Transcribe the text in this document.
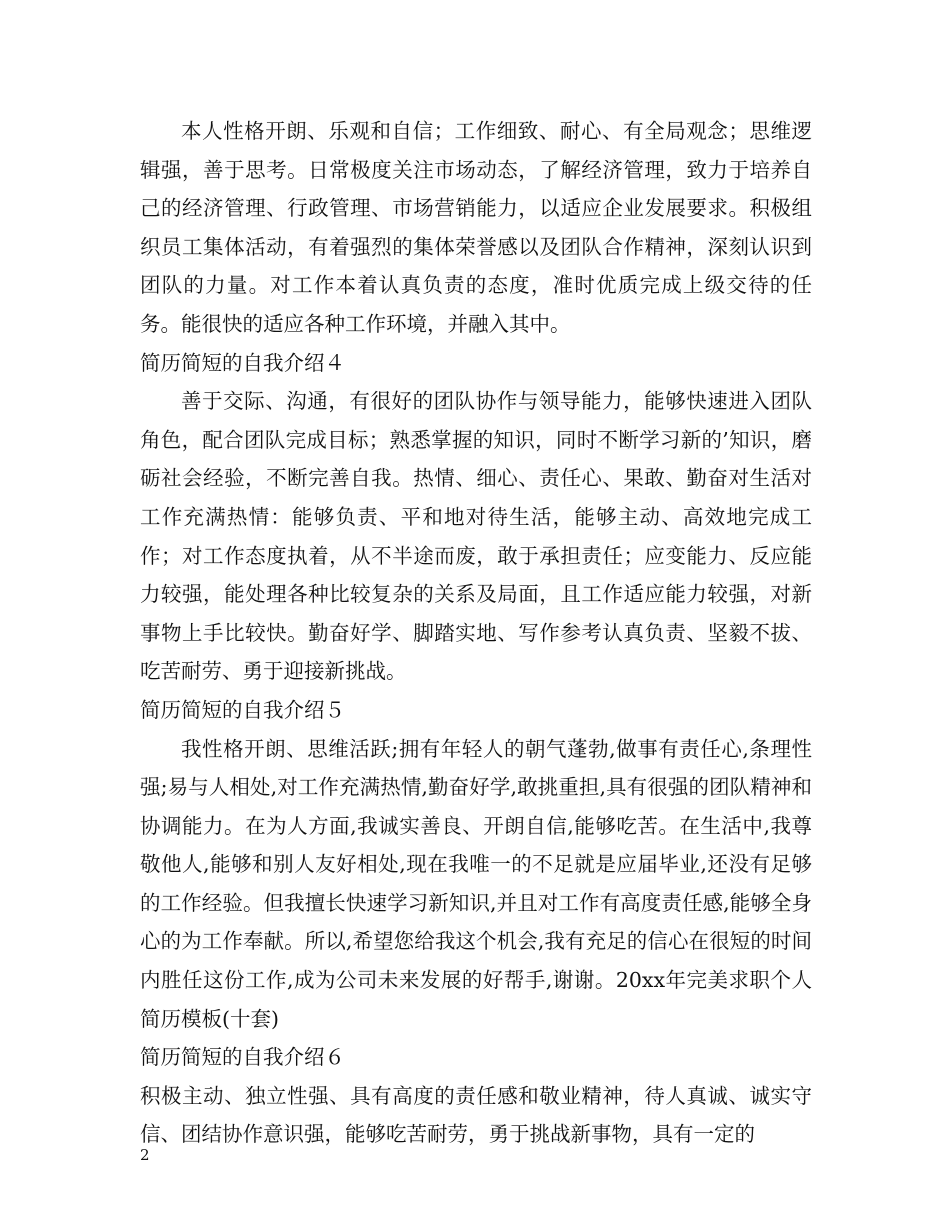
本人性格开朗、乐观和自信；工作细致、耐心、有全局观念；思维逻辑强，善于思考。日常极度关注市场动态，了解经济管理，致力于培养自己的经济管理、行政管理、市场营销能力，以适应企业发展要求。积极组织员工集体活动，有着强烈的集体荣誉感以及团队合作精神，深刻认识到团队的力量。对工作本着认真负责的态度，准时优质完成上级交待的任务。能很快的适应各种工作环境，并融入其中。

简历简短的自我介绍４

善于交际、沟通，有很好的团队协作与领导能力，能够快速进入团队角色，配合团队完成目标；熟悉掌握的知识，同时不断学习新的’知识，磨砺社会经验，不断完善自我。热情、细心、责任心、果敢、勤奋对生活对工作充满热情：能够负责、平和地对待生活，能够主动、高效地完成工作；对工作态度执着，从不半途而废，敢于承担责任；应变能力、反应能力较强，能处理各种比较复杂的关系及局面，且工作适应能力较强，对新事物上手比较快。勤奋好学、脚踏实地、写作参考认真负责、坚毅不拔、吃苦耐劳、勇于迎接新挑战。

简历简短的自我介绍５

我性格开朗、思维活跃;拥有年轻人的朝气蓬勃,做事有责任心,条理性强;易与人相处,对工作充满热情,勤奋好学,敢挑重担,具有很强的团队精神和协调能力。在为人方面,我诚实善良、开朗自信,能够吃苦。在生活中,我尊敬他人,能够和别人友好相处,现在我唯一的不足就是应届毕业,还没有足够的工作经验。但我擅长快速学习新知识,并且对工作有高度责任感,能够全身心的为工作奉献。所以,希望您给我这个机会,我有充足的信心在很短的时间内胜任这份工作,成为公司未来发展的好帮手,谢谢。20xx年完美求职个人简历模板(十套)

简历简短的自我介绍６

积极主动、独立性强、具有高度的责任感和敬业精神，待人真诚、诚实守信、团结协作意识强，能够吃苦耐劳，勇于挑战新事物，具有一定的

2
